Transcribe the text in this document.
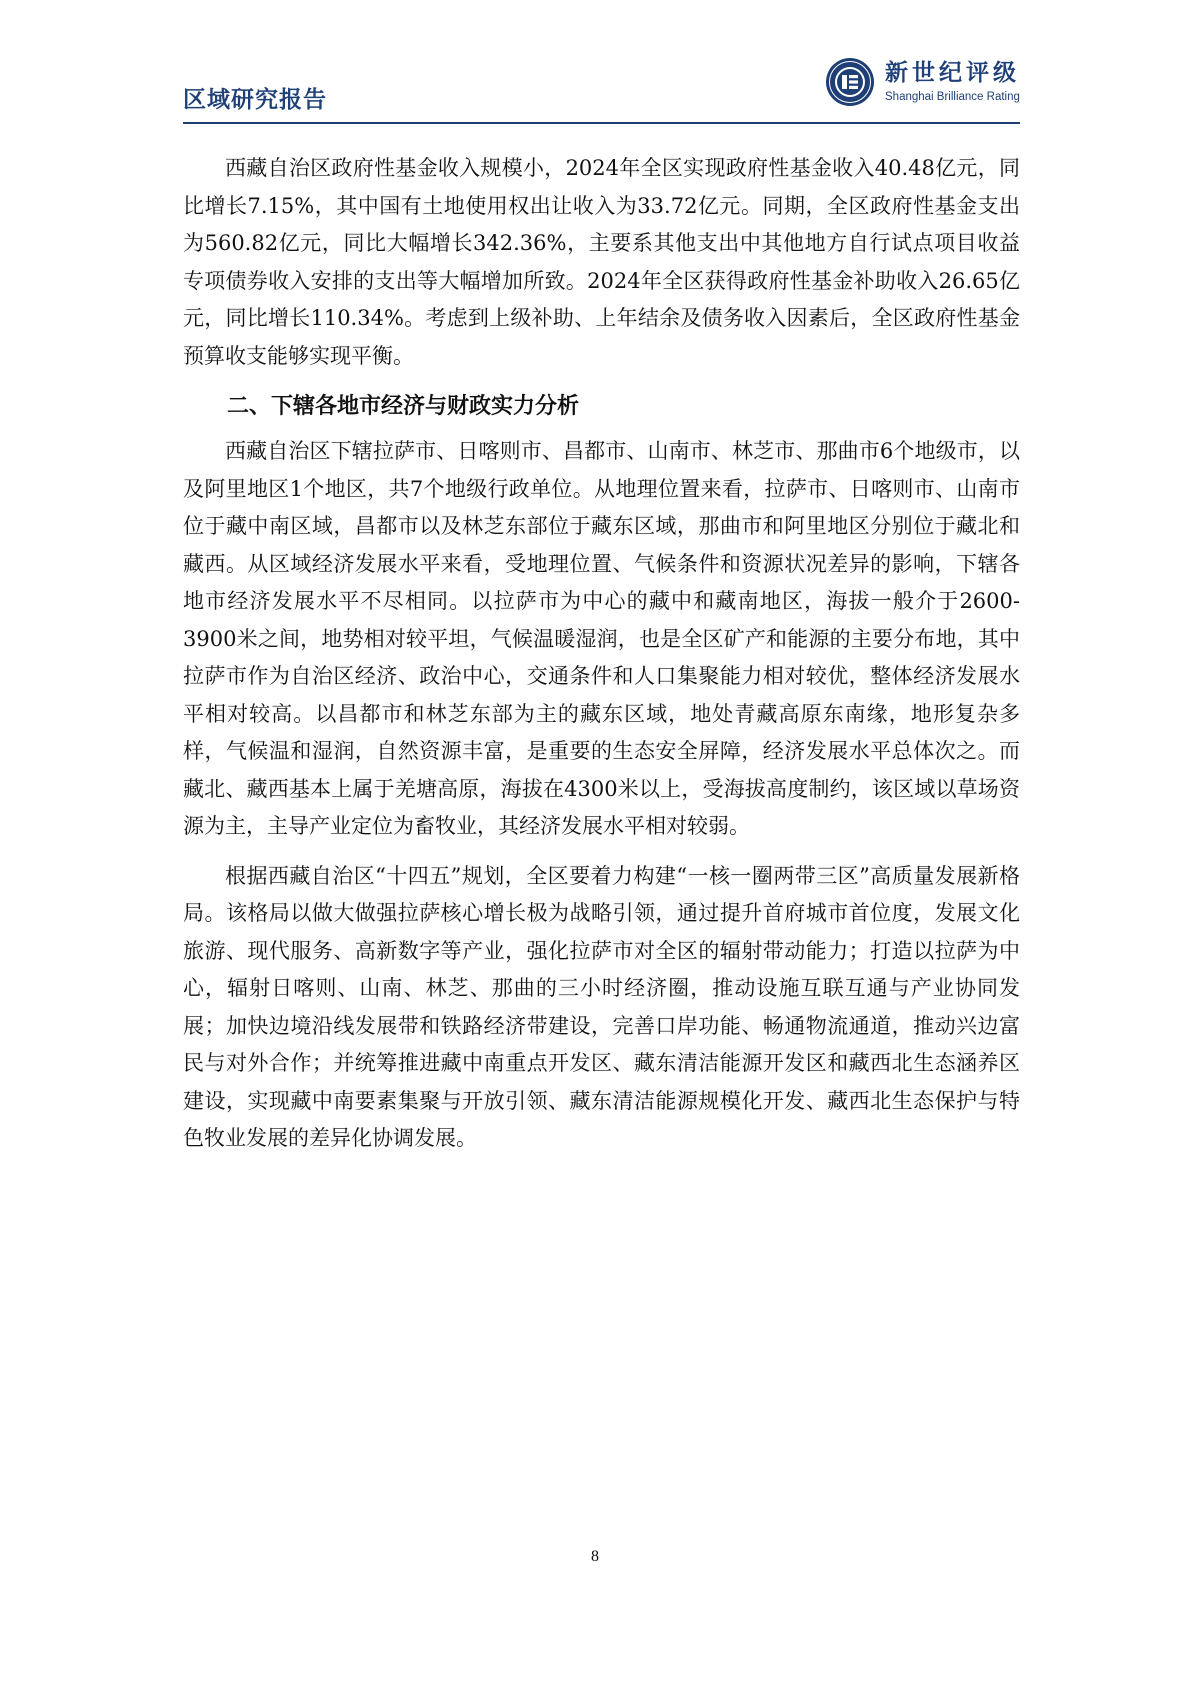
区域研究报告
新世纪评级
Shanghai Brilliance Rating

西藏自治区政府性基金收入规模小，2024年全区实现政府性基金收入40.48亿元，同比增长7.15%，其中国有土地使用权出让收入为33.72亿元。同期，全区政府性基金支出为560.82亿元，同比大幅增长342.36%，主要系其他支出中其他地方自行试点项目收益专项债券收入安排的支出等大幅增加所致。2024年全区获得政府性基金补助收入26.65亿元，同比增长110.34%。考虑到上级补助、上年结余及债务收入因素后，全区政府性基金预算收支能够实现平衡。

二、下辖各地市经济与财政实力分析

西藏自治区下辖拉萨市、日喀则市、昌都市、山南市、林芝市、那曲市6个地级市，以及阿里地区1个地区，共7个地级行政单位。从地理位置来看，拉萨市、日喀则市、山南市位于藏中南区域，昌都市以及林芝东部位于藏东区域，那曲市和阿里地区分别位于藏北和藏西。从区域经济发展水平来看，受地理位置、气候条件和资源状况差异的影响，下辖各地市经济发展水平不尽相同。以拉萨市为中心的藏中和藏南地区，海拔一般介于2600-3900米之间，地势相对较平坦，气候温暖湿润，也是全区矿产和能源的主要分布地，其中拉萨市作为自治区经济、政治中心，交通条件和人口集聚能力相对较优，整体经济发展水平相对较高。以昌都市和林芝东部为主的藏东区域，地处青藏高原东南缘，地形复杂多样，气候温和湿润，自然资源丰富，是重要的生态安全屏障，经济发展水平总体次之。而藏北、藏西基本上属于羌塘高原，海拔在4300米以上，受海拔高度制约，该区域以草场资源为主，主导产业定位为畜牧业，其经济发展水平相对较弱。

根据西藏自治区“十四五”规划，全区要着力构建“一核一圈两带三区”高质量发展新格局。该格局以做大做强拉萨核心增长极为战略引领，通过提升首府城市首位度，发展文化旅游、现代服务、高新数字等产业，强化拉萨市对全区的辐射带动能力；打造以拉萨为中心，辐射日喀则、山南、林芝、那曲的三小时经济圈，推动设施互联互通与产业协同发展；加快边境沿线发展带和铁路经济带建设，完善口岸功能、畅通物流通道，推动兴边富民与对外合作；并统筹推进藏中南重点开发区、藏东清洁能源开发区和藏西北生态涵养区建设，实现藏中南要素集聚与开放引领、藏东清洁能源规模化开发、藏西北生态保护与特色牧业发展的差异化协调发展。

8
